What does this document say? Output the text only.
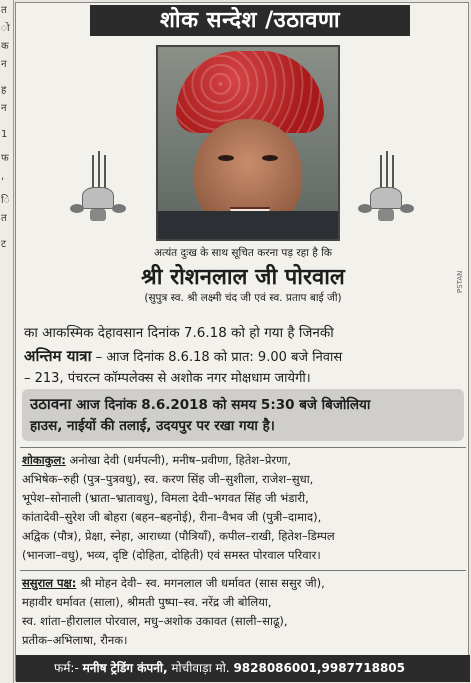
त
ो
क
न
ह
न
1
फ
,
ि
त
ट
शोक सन्देश /उठावणा
अत्यंत दुःख के साथ सूचित करना पड़ रहा है कि
श्री रोशनलाल जी पोरवाल
(सुपुत्र स्व. श्री लक्ष्मी चंद जी एवं स्व. प्रताप बाई जी)
PSTAN
का आकस्मिक देहावसान दिनांक 7.6.18 को हो गया है जिनकी
अन्तिम यात्रा – आज दिनांक 8.6.18 को प्रात: 9.00 बजे निवास
– 213, पंचरत्न कॉम्पलेक्स से अशोक नगर मोक्षधाम जायेगी।
उठावना आज दिनांक 8.6.2018 को समय 5:30 बजे बिजोलिया
हाउस, नाईयों की तलाई, उदयपुर पर रखा गया है।
शोकाकुल: अनोखा देवी (धर्मपत्नी), मनीष–प्रवीणा, हितेश–प्रेरणा,
अभिषेक–रुही (पुत्र–पुत्रवधु), स्व. करण सिंह जी–सुशीला, राजेश–सुधा,
भूपेश–सोनाली (भ्राता–भ्रातावधु), विमला देवी–भगवत सिंह जी भंडारी,
कांतादेवी–सुरेश जी बोहरा (बहन–बहनोई), रीना–वैभव जी (पुत्री–दामाद),
अद्विक (पौत्र), प्रेक्षा, स्नेहा, आराध्या (पौत्रियाँ), कपील–राखी, हितेश–डिम्पल
(भानजा–वधु), भव्य, दृष्टि (दोहिता, दोहिती) एवं समस्त पोरवाल परिवार।
ससुराल पक्ष: श्री मोहन देवी– स्व. मगनलाल जी धर्मावत (सास ससुर जी),
महावीर धर्मावत (साला), श्रीमती पुष्पा–स्व. नरेंद्र जी बोलिया,
स्व. शांता–हीरालाल पोरवाल, मधु–अशोक उकावत (साली–साढू),
प्रतीक–अभिलाषा, रौनक।
फर्म:- मनीष ट्रेडिंग कंपनी, मोचीवाड़ा मो. 9828086001,9987718805
